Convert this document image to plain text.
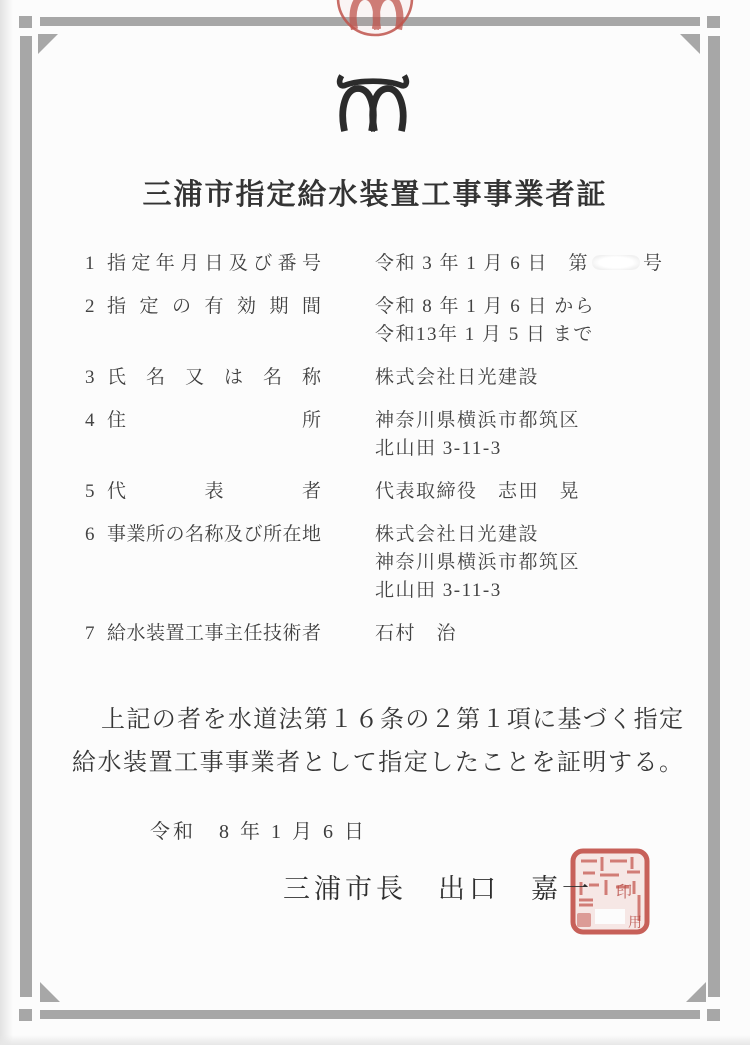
三浦市指定給水装置工事事業者証
1 指定年月日及び番号	令和 3 年 1 月 6 日　第	号
2 指定の有効期間	令和 8 年 1 月 6 日 から
令和13年 1 月 5 日 まで
3 氏名又は名称	株式会社日光建設
4 住所	神奈川県横浜市都筑区
北山田 3-11-3
5 代表者	代表取締役　志田　晃
6 事業所の名称及び所在地	株式会社日光建設
神奈川県横浜市都筑区
北山田 3-11-3
7 給水装置工事主任技術者	石村　治
上記の者を水道法第１６条の２第１項に基づく指定
給水装置工事事業者として指定したことを証明する。
令和　8 年 1 月 6 日
三浦市長　出口　嘉一 印
用
